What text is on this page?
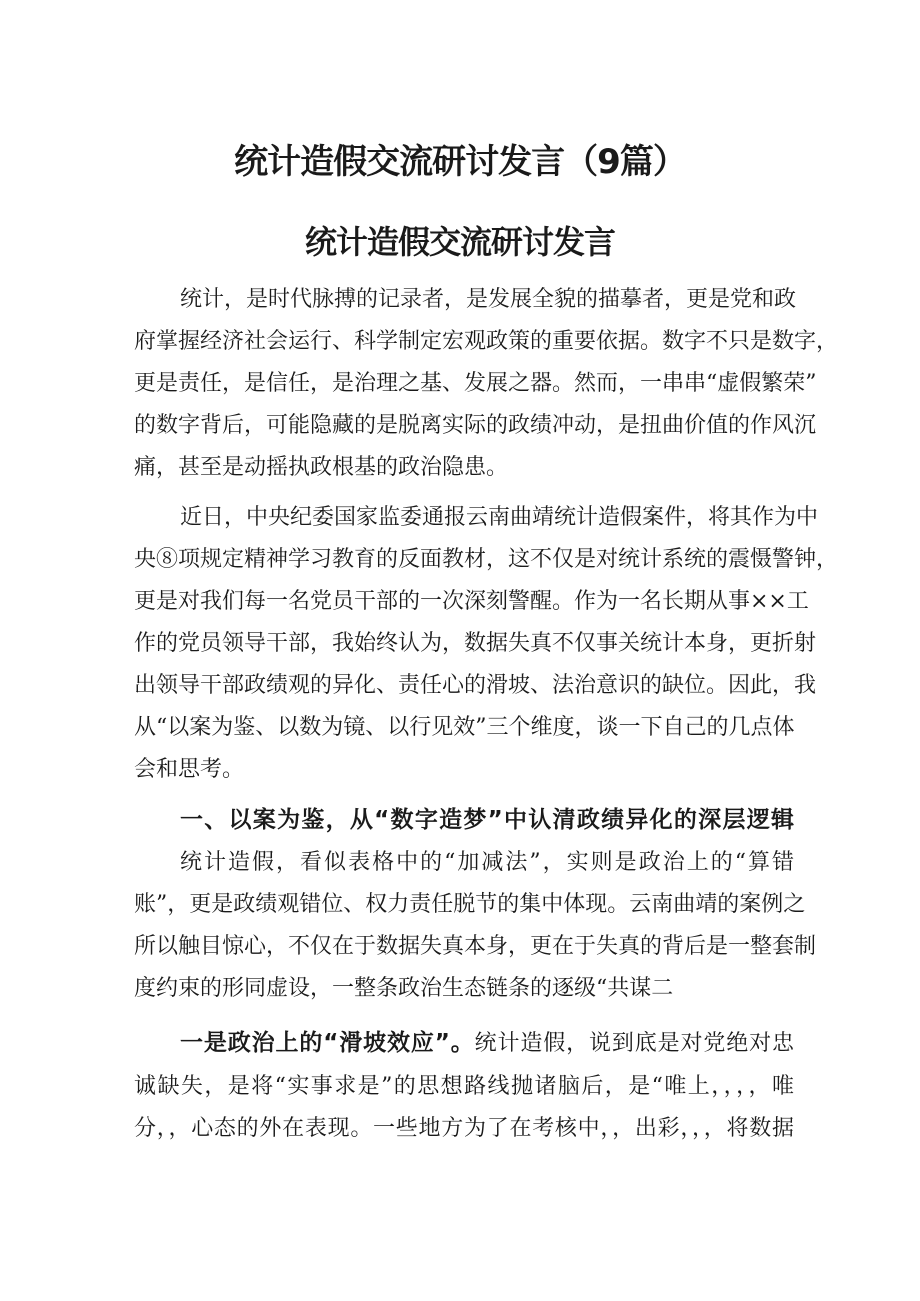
统计造假交流研讨发言（9篇）
统计造假交流研讨发言
统计，是时代脉搏的记录者，是发展全貌的描摹者，更是党和政
府掌握经济社会运行、科学制定宏观政策的重要依据。数字不只是数字，
更是责任，是信任，是治理之基、发展之器。然而，一串串“虚假繁荣”
的数字背后，可能隐藏的是脱离实际的政绩冲动，是扭曲价值的作风沉
痛，甚至是动摇执政根基的政治隐患。
近日，中央纪委国家监委通报云南曲靖统计造假案件，将其作为中
央⑧项规定精神学习教育的反面教材，这不仅是对统计系统的震慑警钟，
更是对我们每一名党员干部的一次深刻警醒。作为一名长期从事××工
作的党员领导干部，我始终认为，数据失真不仅事关统计本身，更折射
出领导干部政绩观的异化、责任心的滑坡、法治意识的缺位。因此，我
从“以案为鉴、以数为镜、以行见效”三个维度，谈一下自己的几点体
会和思考。
一、以案为鉴，从“数字造梦”中认清政绩异化的深层逻辑
统计造假，看似表格中的“加减法”，实则是政治上的“算错
账”，更是政绩观错位、权力责任脱节的集中体现。云南曲靖的案例之
所以触目惊心，不仅在于数据失真本身，更在于失真的背后是一整套制
度约束的形同虚设，一整条政治生态链条的逐级“共谋二
一是政治上的“滑坡效应”。统计造假，说到底是对党绝对忠
诚缺失，是将“实事求是”的思想路线抛诸脑后，是“唯上，，，，唯
分，，心态的外在表现。一些地方为了在考核中，，出彩，，，将数据
